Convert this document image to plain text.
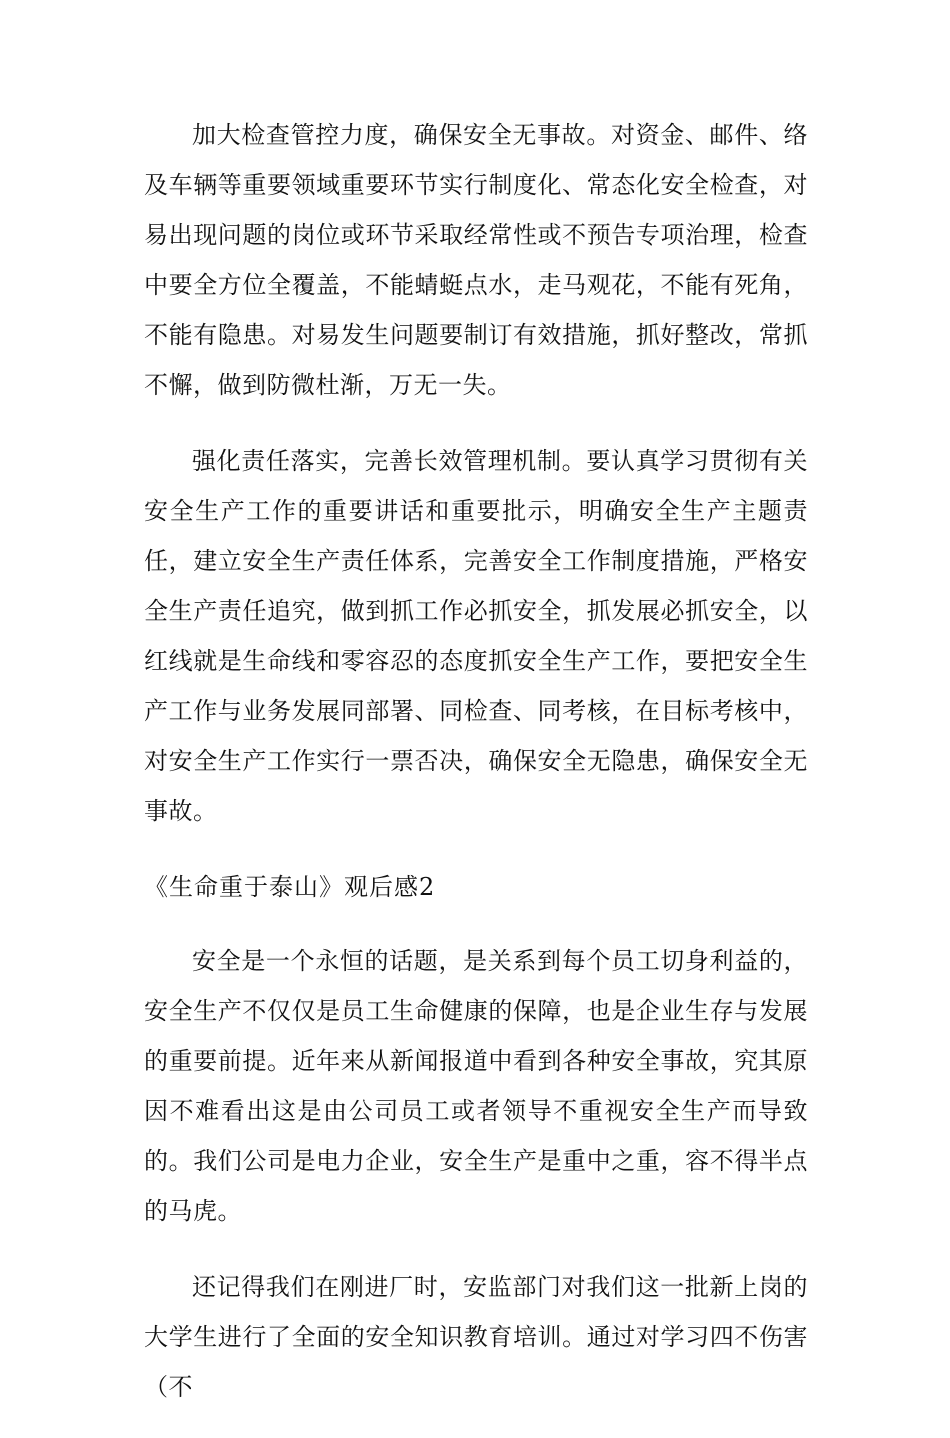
加大检查管控力度，确保安全无事故。对资金、邮件、络及车辆等重要领域重要环节实行制度化、常态化安全检查，对易出现问题的岗位或环节采取经常性或不预告专项治理，检查中要全方位全覆盖，不能蜻蜓点水，走马观花，不能有死角，不能有隐患。对易发生问题要制订有效措施，抓好整改，常抓不懈，做到防微杜渐，万无一失。

强化责任落实，完善长效管理机制。要认真学习贯彻有关安全生产工作的重要讲话和重要批示，明确安全生产主题责任，建立安全生产责任体系，完善安全工作制度措施，严格安全生产责任追究，做到抓工作必抓安全，抓发展必抓安全，以红线就是生命线和零容忍的态度抓安全生产工作，要把安全生产工作与业务发展同部署、同检查、同考核，在目标考核中，对安全生产工作实行一票否决，确保安全无隐患，确保安全无事故。

《生命重于泰山》观后感2

安全是一个永恒的话题，是关系到每个员工切身利益的，安全生产不仅仅是员工生命健康的保障，也是企业生存与发展的重要前提。近年来从新闻报道中看到各种安全事故，究其原因不难看出这是由公司员工或者领导不重视安全生产而导致的。我们公司是电力企业，安全生产是重中之重，容不得半点的马虎。

还记得我们在刚进厂时，安监部门对我们这一批新上岗的大学生进行了全面的安全知识教育培训。通过对学习四不伤害（不
